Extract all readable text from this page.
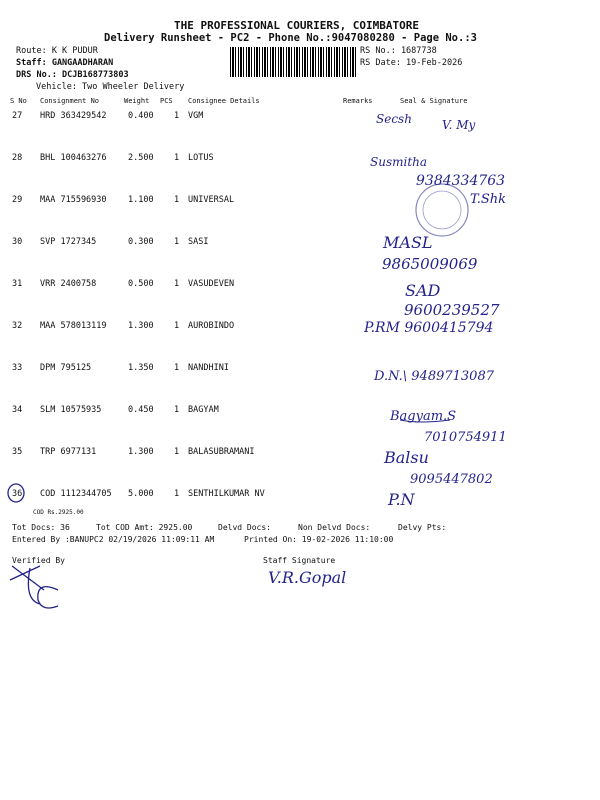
THE PROFESSIONAL COURIERS, COIMBATORE
Delivery Runsheet - PC2 - Phone No.:9047080280 - Page No.:3
Route: K K PUDUR
Staff: GANGAADHARAN
DRS No.: DCJB168773803
Vehicle: Two Wheeler Delivery
RS No.: 1687738
RS Date: 19-Feb-2026
S No Consignment No	Weight PCS Consignee Details	Remarks	Seal & Signature
27 HRD 363429542	0.400 1 VGM
28 BHL 100463276	2.500 1 LOTUS
29 MAA 715596930	1.100 1 UNIVERSAL
30 SVP 1727345	0.300 1 SASI
31 VRR 2400758	0.500 1 VASUDEVEN
32 MAA 578013119	1.300 1 AUROBINDO
33 DPM 795125	1.350 1 NANDHINI
34 SLM 10575935	0.450 1 BAGYAM
35 TRP 6977131	1.300 1 BALASUBRAMANI
36 COD 1112344705 5.000 1 SENTHILKUMAR NV
COD Rs.2925.00
Tot Docs: 36	Tot COD Amt: 2925.00	Delvd Docs:	Non Delvd Docs:	Delvy Pts:
Entered By :BANUPC2 02/19/2026 11:09:11 AM	Printed On: 19-02-2026 11:10:00
Verified By	Staff Signature
Secsh	V. My
Susmitha
9384334763
T.Shk
MASL
9865009069
SAD
9600239527
P.RM 9600415794
D.N.\ 9489713087
Bagyam.S
7010754911
Balsu
9095447802
P.N
V.R.Gopal
